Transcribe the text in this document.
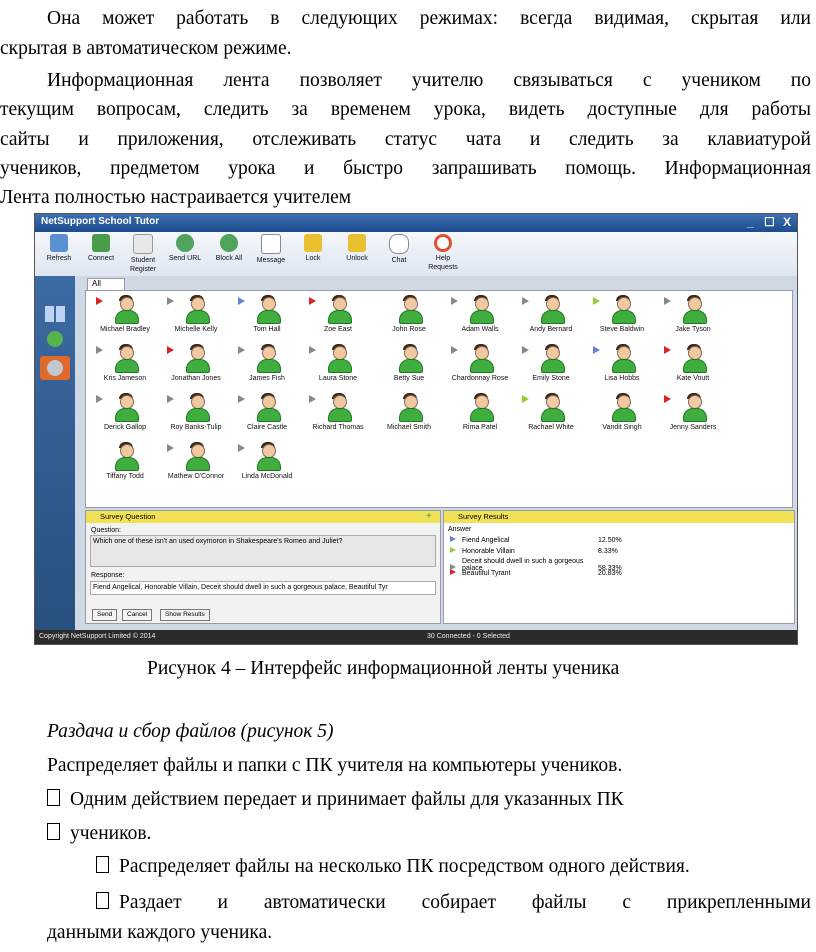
Она может работать в следующих режимах: всегда видимая, скрытая или

скрытая в автоматическом режиме.

Информационная лента позволяет учителю связываться с учеником по

текущим вопросам, следить за временем урока, видеть доступные для работы

сайты и приложения, отслеживать статус чата и следить за клавиатурой

учеников, предметом урока и быстро запрашивать помощь. Информационная

Лента полностью настраивается учителем

NetSupport School Tutor	_ ☐ X
Refresh	Connect	Student Register
Send URL	Block All	Message	Lock	Unlock	Chat	Help Requests
All
Michael Bradley	Michelle Kelly	Tom Hall	Zoe East	John Rose	Adam Walls	Andy Bernard	Steve Baldwin	Jake Tyson
Kris Jameson	Jonathan Jones	James Fish	Laura Stone	Betty Sue	Chardonnay Rose	Emily Stone	Lisa Hobbs	Kate Voutt
Derick Gallop	Roy Banks-Tulip	Claire Castle	Richard Thomas	Michael Smith	Rima Patel	Rachael White	Vandit Singh	Jenny Sanders
Tiffany Todd	Mathew O'Connor	Linda McDonald
Survey Question	+
Question:
Which one of these isn't an used oxymoron in Shakespeare's Romeo and Juliet?
Response:
Fiend Angelical, Honorable Villain, Deceit should dwell in such a gorgeous palace, Beautiful Tyr
Send	Cancel	Show Results
Survey Results
Answer
Fiend Angelical	12.50%
Honorable Villain	8.33%
Deceit should dwell in such a gorgeous palace	58.33%
Beautiful Tyrant	20.83%
Copyright NetSupport Limited © 2014	30 Connected - 0 Selected

Рисунок 4 – Интерфейс информационной ленты ученика

Раздача и сбор файлов (рисунок 5)

Распределяет файлы и папки с ПК учителя на компьютеры учеников.

Одним действием передает и принимает файлы для указанных ПК
учеников.
Распределяет файлы на несколько ПК посредством одного действия.
Раздает и автоматически собирает файлы с прикрепленными

данными каждого ученика.
